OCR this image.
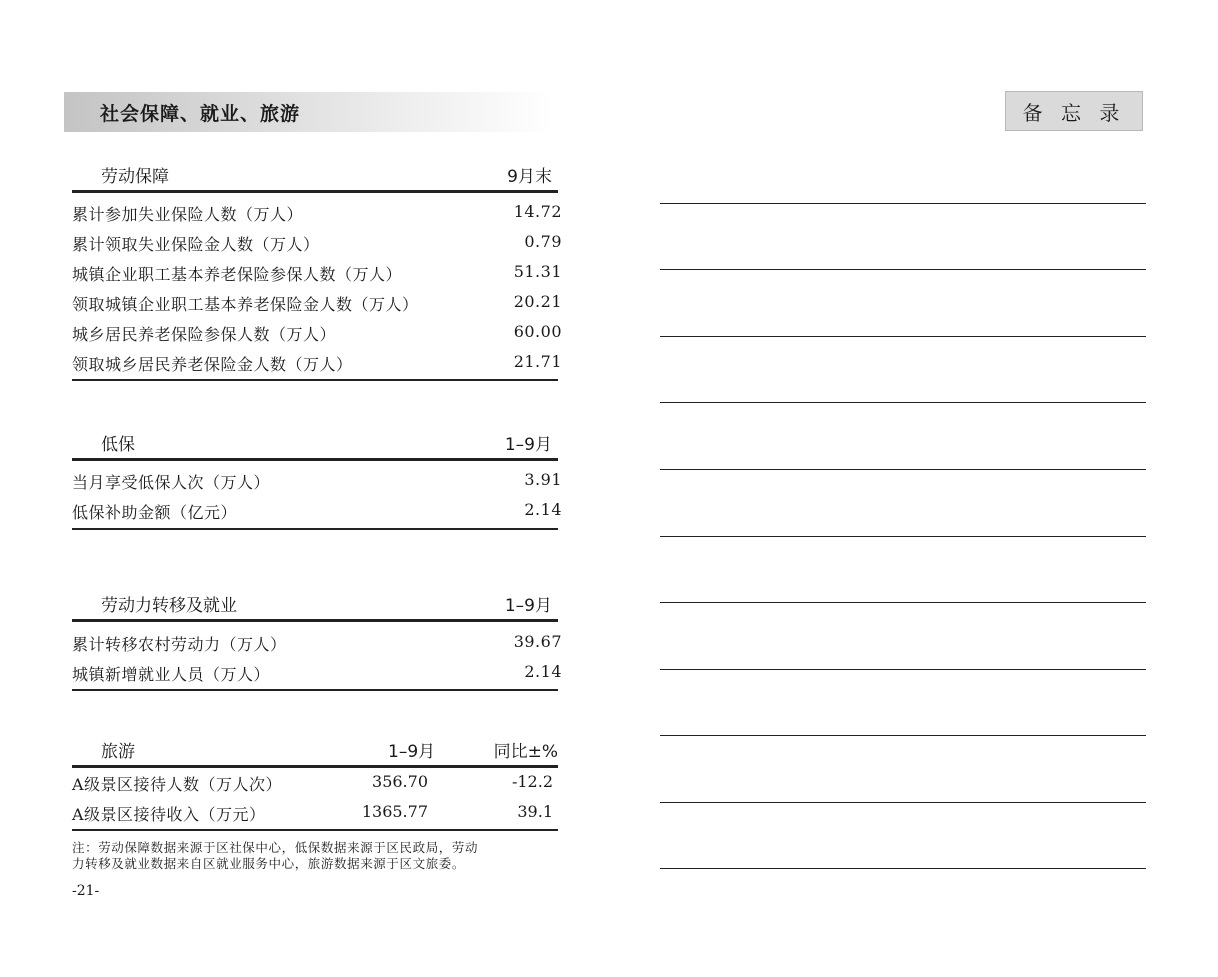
社会保障、就业、旅游	备 忘 录
劳动保障	9月末
累计参加失业保险人数（万人）	14.72
累计领取失业保险金人数（万人）	0.79
城镇企业职工基本养老保险参保人数（万人）	51.31
领取城镇企业职工基本养老保险金人数（万人）	20.21
城乡居民养老保险参保人数（万人）	60.00
领取城乡居民养老保险金人数（万人）	21.71
低保	1–9月
当月享受低保人次（万人）	3.91
低保补助金额（亿元）	2.14
劳动力转移及就业	1–9月
累计转移农村劳动力（万人）	39.67
城镇新增就业人员（万人）	2.14
旅游	1–9月	同比±%
A级景区接待人数（万人次）	356.70	-12.2
A级景区接待收入（万元）	1365.77	39.1
注：劳动保障数据来源于区社保中心，低保数据来源于区民政局，劳动
力转移及就业数据来自区就业服务中心，旅游数据来源于区文旅委。
-21-
